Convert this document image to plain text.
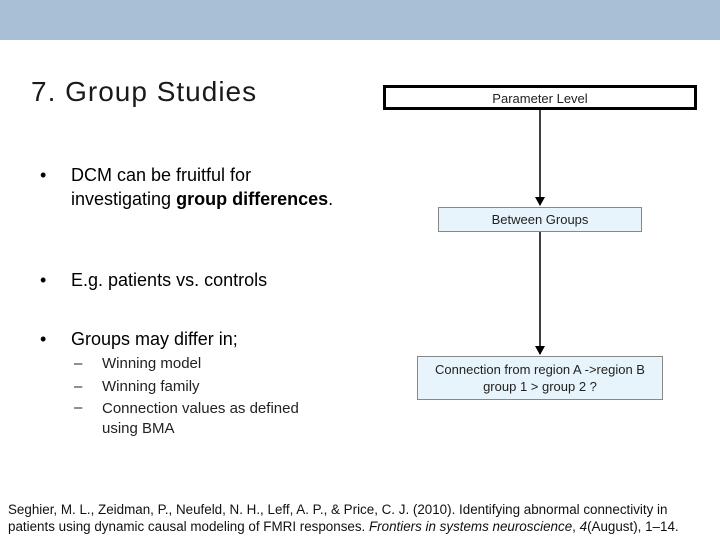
7. Group Studies
• DCM can be fruitful for investigating group differences.
• E.g. patients vs. controls
• Groups may differ in;
– Winning model
– Winning family
– Connection values as defined using BMA
Parameter Level
Between Groups
Connection from region A ->region B
group 1 > group 2 ?
Seghier, M. L., Zeidman, P., Neufeld, N. H., Leff, A. P., & Price, C. J. (2010). Identifying abnormal connectivity in patients using dynamic causal modeling of FMRI responses. Frontiers in systems neuroscience, 4(August), 1–14.
